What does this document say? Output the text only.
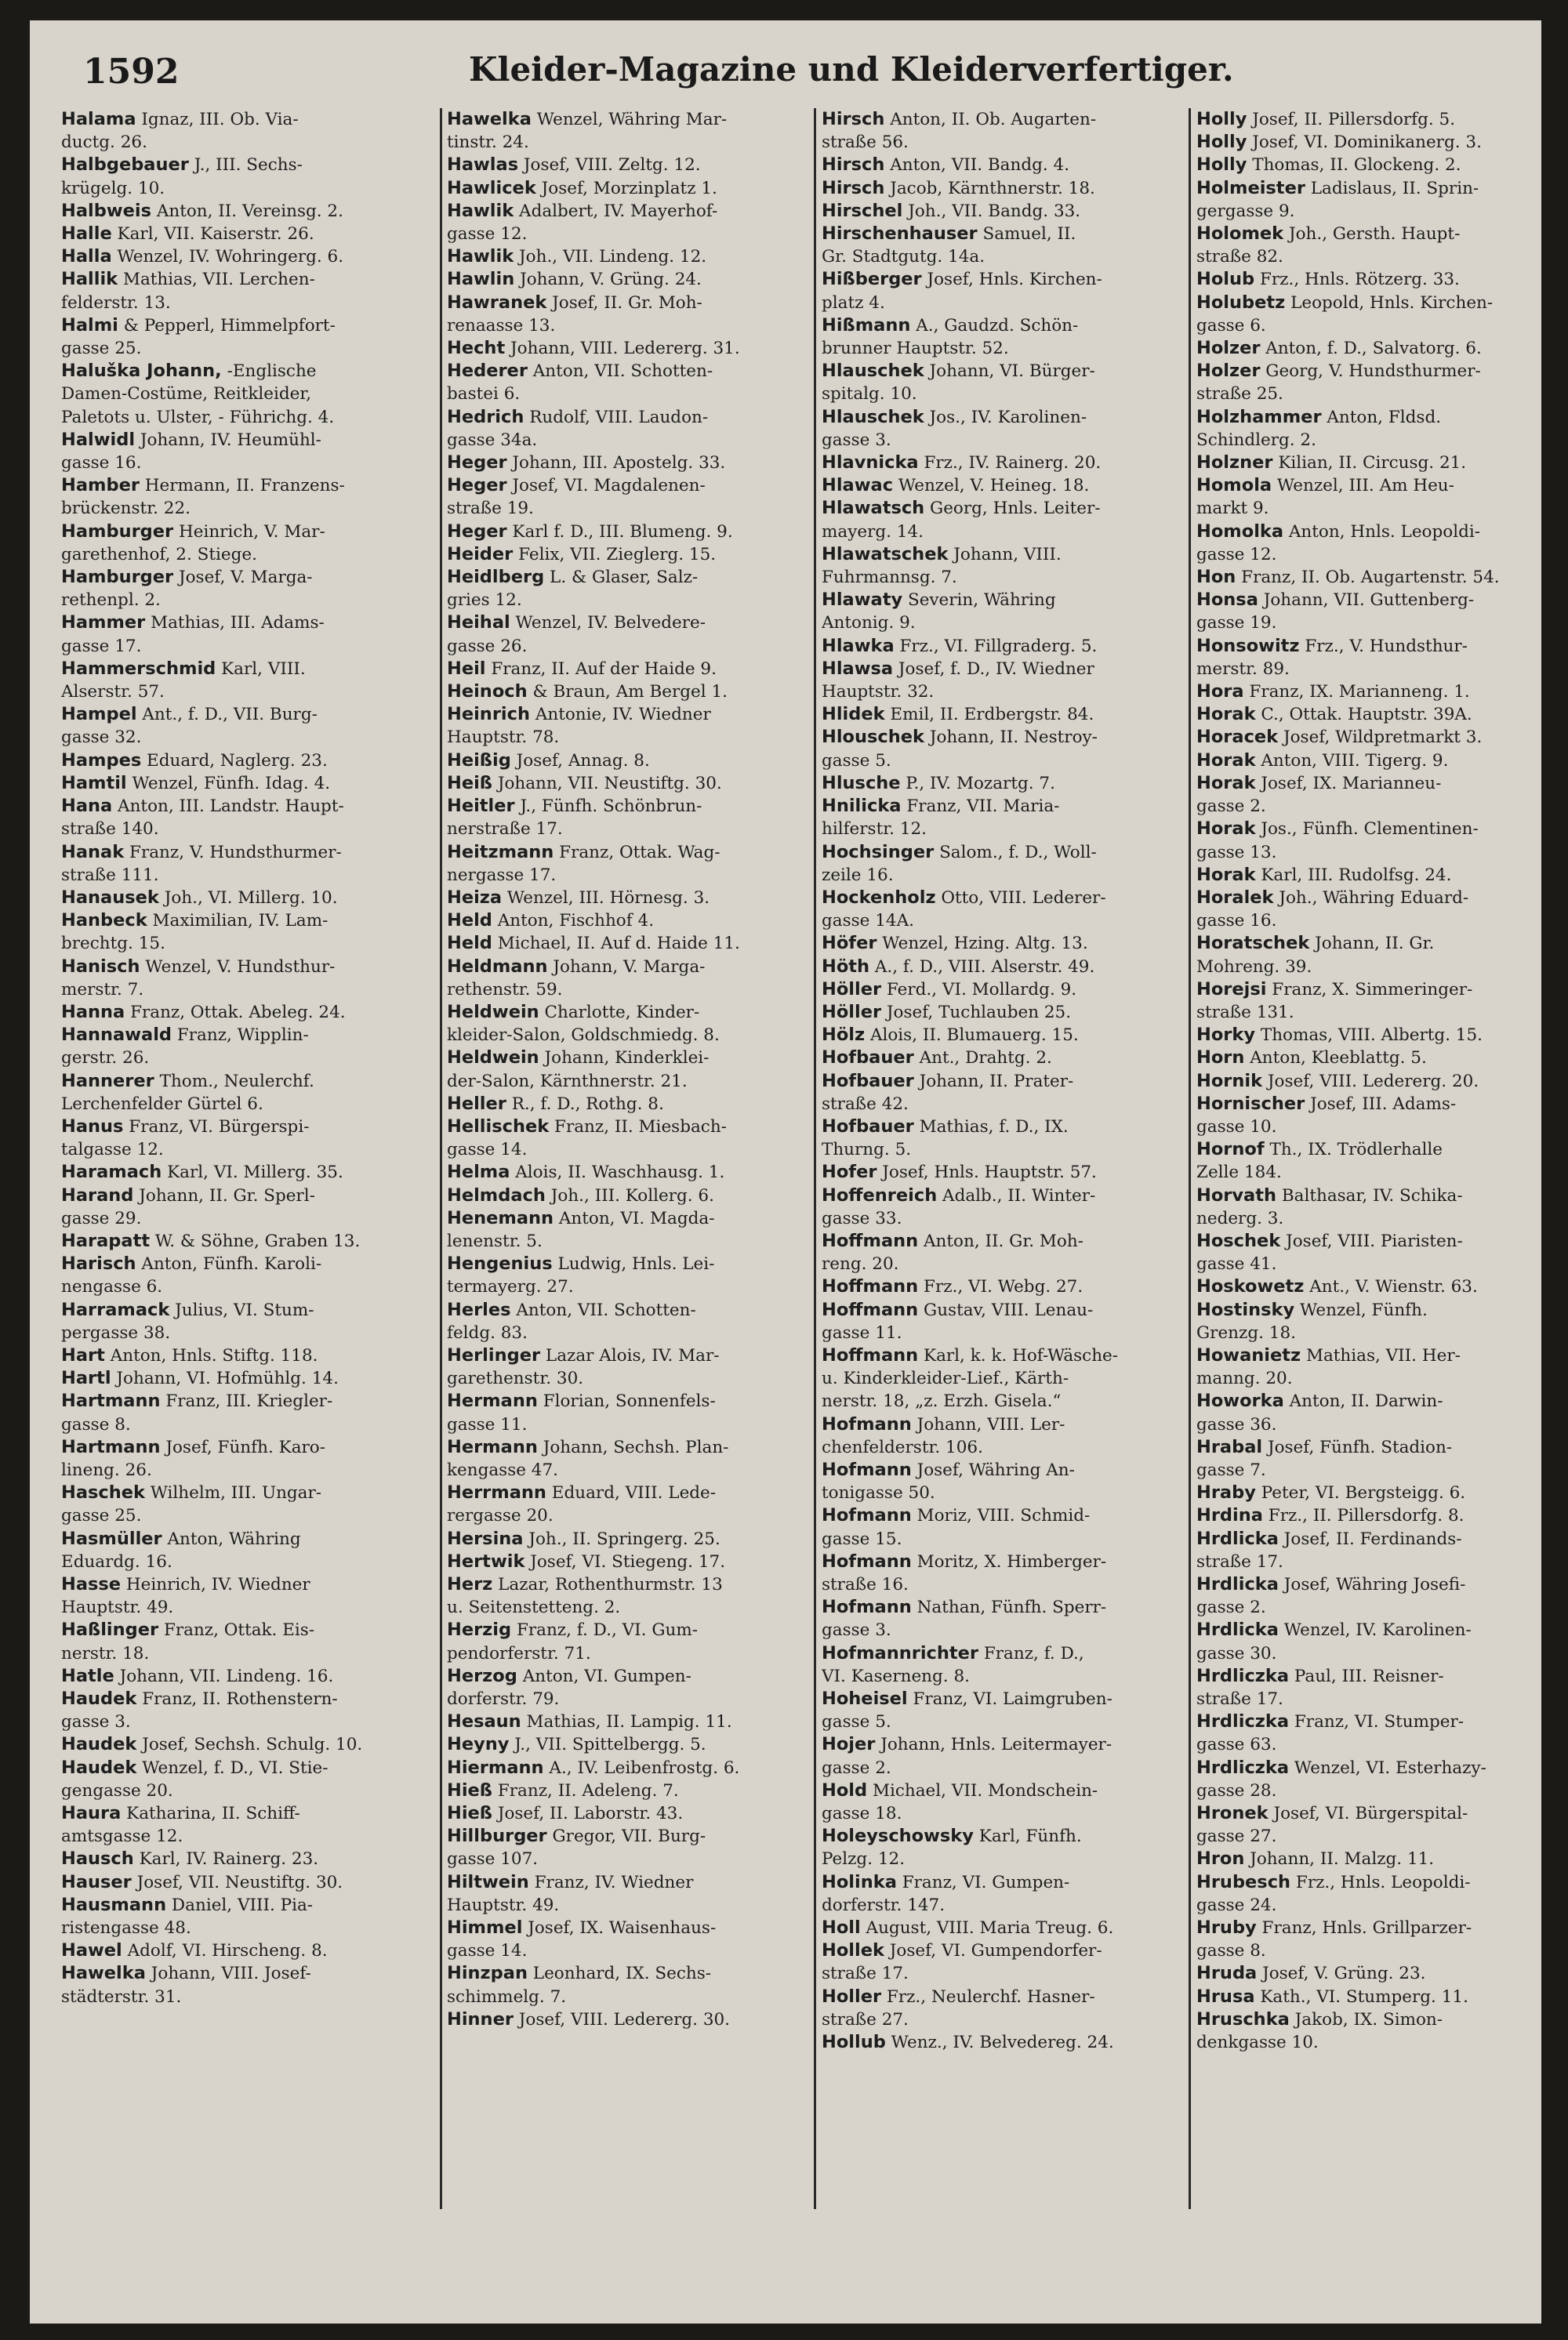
1592	Kleider-Magazine und Kleiderverfertiger.
Halama Ignaz, III. Ob. Via-
ductg. 26.
Halbgebauer J., III. Sechs-
krügelg. 10.
Halbweis Anton, II. Vereinsg. 2.
Halle Karl, VII. Kaiserstr. 26.
Halla Wenzel, IV. Wohringerg. 6.
Hallik Mathias, VII. Lerchen-
felderstr. 13.
Halmi & Pepperl, Himmelpfort-
gasse 25.
Haluška Johann, -Englische
Damen-Costüme, Reitkleider,
Paletots u. Ulster, - Führichg. 4.
Halwidl Johann, IV. Heumühl-
gasse 16.
Hamber Hermann, II. Franzens-
brückenstr. 22.
Hamburger Heinrich, V. Mar-
garethenhof, 2. Stiege.
Hamburger Josef, V. Marga-
rethenpl. 2.
Hammer Mathias, III. Adams-
gasse 17.
Hammerschmid Karl, VIII.
Alserstr. 57.
Hampel Ant., f. D., VII. Burg-
gasse 32.
Hampes Eduard, Naglerg. 23.
Hamtil Wenzel, Fünfh. Idag. 4.
Hana Anton, III. Landstr. Haupt-
straße 140.
Hanak Franz, V. Hundsthurmer-
straße 111.
Hanausek Joh., VI. Millerg. 10.
Hanbeck Maximilian, IV. Lam-
brechtg. 15.
Hanisch Wenzel, V. Hundsthur-
merstr. 7.
Hanna Franz, Ottak. Abeleg. 24.
Hannawald Franz, Wipplin-
gerstr. 26.
Hannerer Thom., Neulerchf.
Lerchenfelder Gürtel 6.
Hanus Franz, VI. Bürgerspi-
talgasse 12.
Haramach Karl, VI. Millerg. 35.
Harand Johann, II. Gr. Sperl-
gasse 29.
Harapatt W. & Söhne, Graben 13.
Harisch Anton, Fünfh. Karoli-
nengasse 6.
Harramack Julius, VI. Stum-
pergasse 38.
Hart Anton, Hnls. Stiftg. 118.
Hartl Johann, VI. Hofmühlg. 14.
Hartmann Franz, III. Kriegler-
gasse 8.
Hartmann Josef, Fünfh. Karo-
lineng. 26.
Haschek Wilhelm, III. Ungar-
gasse 25.
Hasmüller Anton, Währing
Eduardg. 16.
Hasse Heinrich, IV. Wiedner
Hauptstr. 49.
Haßlinger Franz, Ottak. Eis-
nerstr. 18.
Hatle Johann, VII. Lindeng. 16.
Haudek Franz, II. Rothenstern-
gasse 3.
Haudek Josef, Sechsh. Schulg. 10.
Haudek Wenzel, f. D., VI. Stie-
gengasse 20.
Haura Katharina, II. Schiff-
amtsgasse 12.
Hausch Karl, IV. Rainerg. 23.
Hauser Josef, VII. Neustiftg. 30.
Hausmann Daniel, VIII. Pia-
ristengasse 48.
Hawel Adolf, VI. Hirscheng. 8.
Hawelka Johann, VIII. Josef-
städterstr. 31.
Hawelka Wenzel, Währing Mar-
tinstr. 24.
Hawlas Josef, VIII. Zeltg. 12.
Hawlicek Josef, Morzinplatz 1.
Hawlik Adalbert, IV. Mayerhof-
gasse 12.
Hawlik Joh., VII. Lindeng. 12.
Hawlin Johann, V. Grüng. 24.
Hawranek Josef, II. Gr. Moh-
renaasse 13.
Hecht Johann, VIII. Ledererg. 31.
Hederer Anton, VII. Schotten-
bastei 6.
Hedrich Rudolf, VIII. Laudon-
gasse 34a.
Heger Johann, III. Apostelg. 33.
Heger Josef, VI. Magdalenen-
straße 19.
Heger Karl f. D., III. Blumeng. 9.
Heider Felix, VII. Zieglerg. 15.
Heidlberg L. & Glaser, Salz-
gries 12.
Heihal Wenzel, IV. Belvedere-
gasse 26.
Heil Franz, II. Auf der Haide 9.
Heinoch & Braun, Am Bergel 1.
Heinrich Antonie, IV. Wiedner
Hauptstr. 78.
Heißig Josef, Annag. 8.
Heiß Johann, VII. Neustiftg. 30.
Heitler J., Fünfh. Schönbrun-
nerstraße 17.
Heitzmann Franz, Ottak. Wag-
nergasse 17.
Heiza Wenzel, III. Hörnesg. 3.
Held Anton, Fischhof 4.
Held Michael, II. Auf d. Haide 11.
Heldmann Johann, V. Marga-
rethenstr. 59.
Heldwein Charlotte, Kinder-
kleider-Salon, Goldschmiedg. 8.
Heldwein Johann, Kinderklei-
der-Salon, Kärnthnerstr. 21.
Heller R., f. D., Rothg. 8.
Hellischek Franz, II. Miesbach-
gasse 14.
Helma Alois, II. Waschhausg. 1.
Helmdach Joh., III. Kollerg. 6.
Henemann Anton, VI. Magda-
lenenstr. 5.
Hengenius Ludwig, Hnls. Lei-
termayerg. 27.
Herles Anton, VII. Schotten-
feldg. 83.
Herlinger Lazar Alois, IV. Mar-
garethenstr. 30.
Hermann Florian, Sonnenfels-
gasse 11.
Hermann Johann, Sechsh. Plan-
kengasse 47.
Herrmann Eduard, VIII. Lede-
rergasse 20.
Hersina Joh., II. Springerg. 25.
Hertwik Josef, VI. Stiegeng. 17.
Herz Lazar, Rothenthurmstr. 13
u. Seitenstetteng. 2.
Herzig Franz, f. D., VI. Gum-
pendorferstr. 71.
Herzog Anton, VI. Gumpen-
dorferstr. 79.
Hesaun Mathias, II. Lampig. 11.
Heyny J., VII. Spittelbergg. 5.
Hiermann A., IV. Leibenfrostg. 6.
Hieß Franz, II. Adeleng. 7.
Hieß Josef, II. Laborstr. 43.
Hillburger Gregor, VII. Burg-
gasse 107.
Hiltwein Franz, IV. Wiedner
Hauptstr. 49.
Himmel Josef, IX. Waisenhaus-
gasse 14.
Hinzpan Leonhard, IX. Sechs-
schimmelg. 7.
Hinner Josef, VIII. Ledererg. 30.
Hirsch Anton, II. Ob. Augarten-
straße 56.
Hirsch Anton, VII. Bandg. 4.
Hirsch Jacob, Kärnthnerstr. 18.
Hirschel Joh., VII. Bandg. 33.
Hirschenhauser Samuel, II.
Gr. Stadtgutg. 14a.
Hißberger Josef, Hnls. Kirchen-
platz 4.
Hißmann A., Gaudzd. Schön-
brunner Hauptstr. 52.
Hlauschek Johann, VI. Bürger-
spitalg. 10.
Hlauschek Jos., IV. Karolinen-
gasse 3.
Hlavnicka Frz., IV. Rainerg. 20.
Hlawac Wenzel, V. Heineg. 18.
Hlawatsch Georg, Hnls. Leiter-
mayerg. 14.
Hlawatschek Johann, VIII.
Fuhrmannsg. 7.
Hlawaty Severin, Währing
Antonig. 9.
Hlawka Frz., VI. Fillgraderg. 5.
Hlawsa Josef, f. D., IV. Wiedner
Hauptstr. 32.
Hlidek Emil, II. Erdbergstr. 84.
Hlouschek Johann, II. Nestroy-
gasse 5.
Hlusche P., IV. Mozartg. 7.
Hnilicka Franz, VII. Maria-
hilferstr. 12.
Hochsinger Salom., f. D., Woll-
zeile 16.
Hockenholz Otto, VIII. Lederer-
gasse 14A.
Höfer Wenzel, Hzing. Altg. 13.
Höth A., f. D., VIII. Alserstr. 49.
Höller Ferd., VI. Mollardg. 9.
Höller Josef, Tuchlauben 25.
Hölz Alois, II. Blumauerg. 15.
Hofbauer Ant., Drahtg. 2.
Hofbauer Johann, II. Prater-
straße 42.
Hofbauer Mathias, f. D., IX.
Thurng. 5.
Hofer Josef, Hnls. Hauptstr. 57.
Hoffenreich Adalb., II. Winter-
gasse 33.
Hoffmann Anton, II. Gr. Moh-
reng. 20.
Hoffmann Frz., VI. Webg. 27.
Hoffmann Gustav, VIII. Lenau-
gasse 11.
Hoffmann Karl, k. k. Hof-Wäsche-
u. Kinderkleider-Lief., Kärth-
nerstr. 18, „z. Erzh. Gisela.“
Hofmann Johann, VIII. Ler-
chenfelderstr. 106.
Hofmann Josef, Währing An-
tonigasse 50.
Hofmann Moriz, VIII. Schmid-
gasse 15.
Hofmann Moritz, X. Himberger-
straße 16.
Hofmann Nathan, Fünfh. Sperr-
gasse 3.
Hofmannrichter Franz, f. D.,
VI. Kaserneng. 8.
Hoheisel Franz, VI. Laimgruben-
gasse 5.
Hojer Johann, Hnls. Leitermayer-
gasse 2.
Hold Michael, VII. Mondschein-
gasse 18.
Holeyschowsky Karl, Fünfh.
Pelzg. 12.
Holinka Franz, VI. Gumpen-
dorferstr. 147.
Holl August, VIII. Maria Treug. 6.
Hollek Josef, VI. Gumpendorfer-
straße 17.
Holler Frz., Neulerchf. Hasner-
straße 27.
Hollub Wenz., IV. Belvedereg. 24.
Holly Josef, II. Pillersdorfg. 5.
Holly Josef, VI. Dominikanerg. 3.
Holly Thomas, II. Glockeng. 2.
Holmeister Ladislaus, II. Sprin-
gergasse 9.
Holomek Joh., Gersth. Haupt-
straße 82.
Holub Frz., Hnls. Rötzerg. 33.
Holubetz Leopold, Hnls. Kirchen-
gasse 6.
Holzer Anton, f. D., Salvatorg. 6.
Holzer Georg, V. Hundsthurmer-
straße 25.
Holzhammer Anton, Fldsd.
Schindlerg. 2.
Holzner Kilian, II. Circusg. 21.
Homola Wenzel, III. Am Heu-
markt 9.
Homolka Anton, Hnls. Leopoldi-
gasse 12.
Hon Franz, II. Ob. Augartenstr. 54.
Honsa Johann, VII. Guttenberg-
gasse 19.
Honsowitz Frz., V. Hundsthur-
merstr. 89.
Hora Franz, IX. Marianneng. 1.
Horak C., Ottak. Hauptstr. 39A.
Horacek Josef, Wildpretmarkt 3.
Horak Anton, VIII. Tigerg. 9.
Horak Josef, IX. Marianneu-
gasse 2.
Horak Jos., Fünfh. Clementinen-
gasse 13.
Horak Karl, III. Rudolfsg. 24.
Horalek Joh., Währing Eduard-
gasse 16.
Horatschek Johann, II. Gr.
Mohreng. 39.
Horejsi Franz, X. Simmeringer-
straße 131.
Horky Thomas, VIII. Albertg. 15.
Horn Anton, Kleeblattg. 5.
Hornik Josef, VIII. Ledererg. 20.
Hornischer Josef, III. Adams-
gasse 10.
Hornof Th., IX. Trödlerhalle
Zelle 184.
Horvath Balthasar, IV. Schika-
nederg. 3.
Hoschek Josef, VIII. Piaristen-
gasse 41.
Hoskowetz Ant., V. Wienstr. 63.
Hostinsky Wenzel, Fünfh.
Grenzg. 18.
Howanietz Mathias, VII. Her-
manng. 20.
Howorka Anton, II. Darwin-
gasse 36.
Hrabal Josef, Fünfh. Stadion-
gasse 7.
Hraby Peter, VI. Bergsteigg. 6.
Hrdina Frz., II. Pillersdorfg. 8.
Hrdlicka Josef, II. Ferdinands-
straße 17.
Hrdlicka Josef, Währing Josefi-
gasse 2.
Hrdlicka Wenzel, IV. Karolinen-
gasse 30.
Hrdliczka Paul, III. Reisner-
straße 17.
Hrdliczka Franz, VI. Stumper-
gasse 63.
Hrdliczka Wenzel, VI. Esterhazy-
gasse 28.
Hronek Josef, VI. Bürgerspital-
gasse 27.
Hron Johann, II. Malzg. 11.
Hrubesch Frz., Hnls. Leopoldi-
gasse 24.
Hruby Franz, Hnls. Grillparzer-
gasse 8.
Hruda Josef, V. Grüng. 23.
Hrusa Kath., VI. Stumperg. 11.
Hruschka Jakob, IX. Simon-
denkgasse 10.
